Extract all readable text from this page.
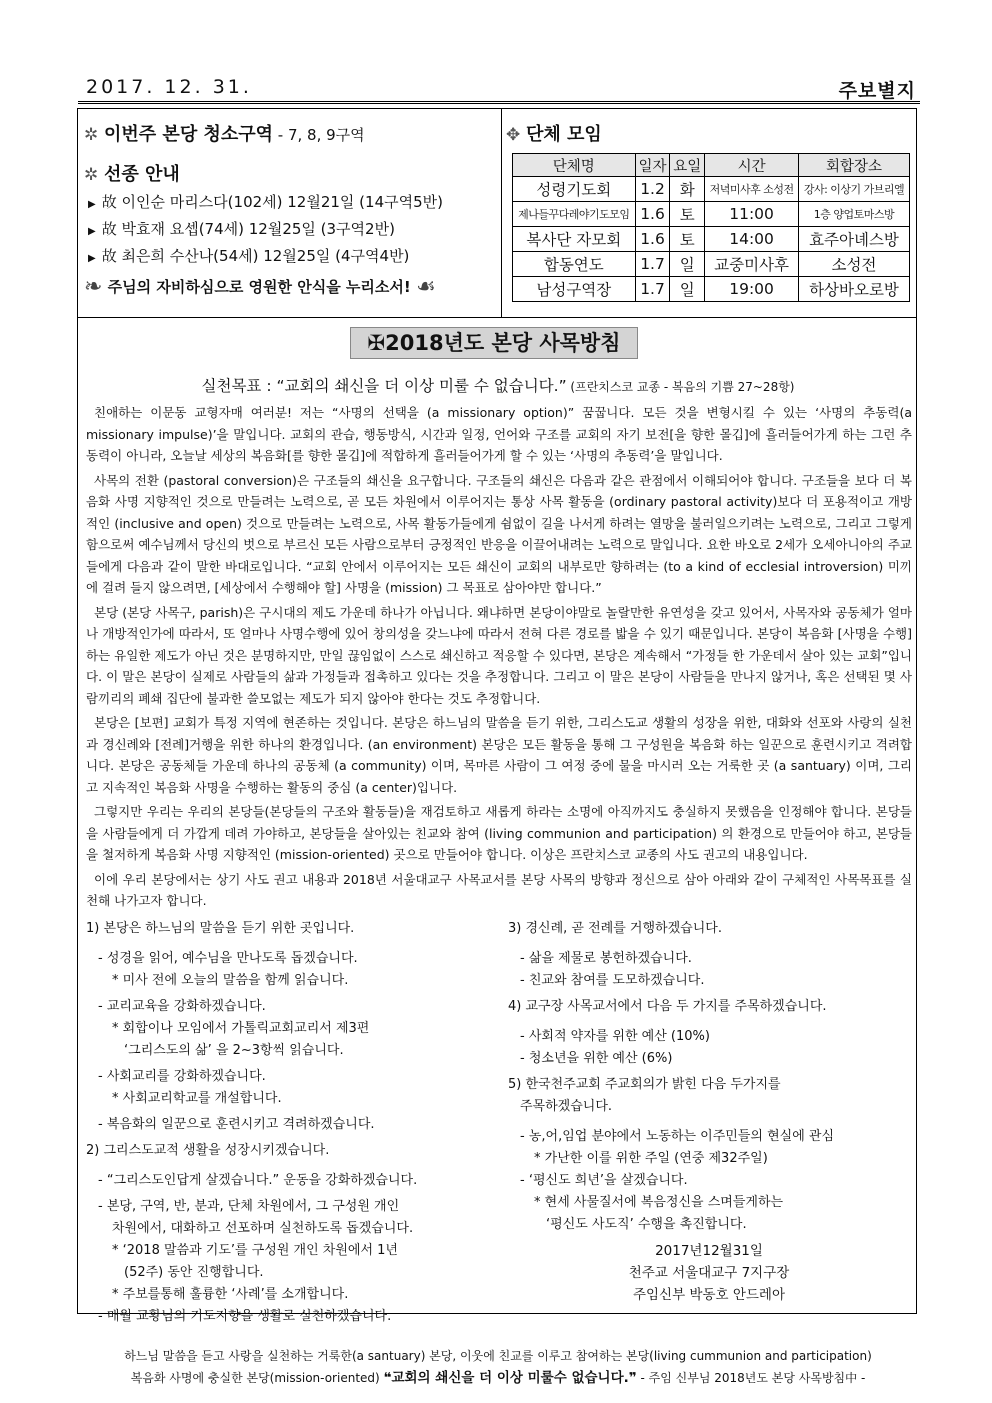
2017. 12. 31.	주보별지
✲ 이번주 본당 청소구역 - 7, 8, 9구역
✲ 선종 안내
▶ 故 이인순 마리스다(102세) 12월21일 (14구역5반)
▶ 故 박효재 요셉(74세) 12월25일 (3구역2반)
▶ 故 최은희 수산나(54세) 12월25일 (4구역4반)
❧ 주님의 자비하심으로 영원한 안식을 누리소서! ☙
✥ 단체 모임
단체명	일자	요일	시간	회합장소
성령기도회	1.2	화	저녁미사후 소성전	강사: 이상기 가브리엘
제나들꾸다레야기도모임	1.6	토	11:00	1층 양업토마스방
복사단 자모회	1.6	토	14:00	효주아녜스방
합동연도	1.7	일	교중미사후	소성전
남성구역장	1.7	일	19:00	하상바오로방
✠2018년도 본당 사목방침
실천목표 : “교회의 쇄신을 더 이상 미룰 수 없습니다.” (프란치스코 교종 - 복음의 기쁨 27~28항)

친애하는 이문동 교형자매 여러분! 저는 “사명의 선택을 (a missionary option)” 꿈꿉니다. 모든 것을 변형시킬 수 있는 ‘사명의 추동력(a missionary impulse)’을 말입니다. 교회의 관습, 행동방식, 시간과 일정, 언어와 구조를 교회의 자기 보전[을 향한 몰깁]에 흘러들어가게 하는 그런 추동력이 아니라, 오늘날 세상의 복음화[를 향한 몰깁]에 적합하게 흘러들어가게 할 수 있는 ‘사명의 추동력’을 말입니다.

사목의 전환 (pastoral conversion)은 구조들의 쇄신을 요구합니다. 구조들의 쇄신은 다음과 같은 관점에서 이해되어야 합니다. 구조들을 보다 더 복음화 사명 지향적인 것으로 만들려는 노력으로, 곧 모든 차원에서 이루어지는 통상 사목 활동을 (ordinary pastoral activity)보다 더 포용적이고 개방적인 (inclusive and open) 것으로 만들려는 노력으로, 사목 활동가들에게 쉼없이 길을 나서게 하려는 열망을 불러일으키려는 노력으로, 그리고 그렇게 함으로써 예수님께서 당신의 벗으로 부르신 모든 사람으로부터 긍정적인 반응을 이끌어내려는 노력으로 말입니다. 요한 바오로 2세가 오세아니아의 주교들에게 다음과 같이 말한 바대로입니다. “교회 안에서 이루어지는 모든 쇄신이 교회의 내부로만 향하려는 (to a kind of ecclesial introversion) 미끼에 걸려 들지 않으려면, [세상에서 수행해야 할] 사명을 (mission) 그 목표로 삼아야만 합니다.”

본당 (본당 사목구, parish)은 구시대의 제도 가운데 하나가 아닙니다. 왜냐하면 본당이야말로 놀랄만한 유연성을 갖고 있어서, 사목자와 공동체가 얼마나 개방적인가에 따라서, 또 얼마나 사명수행에 있어 창의성을 갖느냐에 따라서 전혀 다른 경로를 밟을 수 있기 때문입니다. 본당이 복음화 [사명을 수행]하는 유일한 제도가 아닌 것은 분명하지만, 만일 끊임없이 스스로 쇄신하고 적응할 수 있다면, 본당은 계속해서 “가정들 한 가운데서 살아 있는 교회”입니다. 이 말은 본당이 실제로 사람들의 삶과 가정들과 접촉하고 있다는 것을 추정합니다. 그리고 이 말은 본당이 사람들을 만나지 않거나, 혹은 선택된 몇 사람끼리의 폐쇄 집단에 불과한 쓸모없는 제도가 되지 않아야 한다는 것도 추정합니다.

본당은 [보편] 교회가 특정 지역에 현존하는 것입니다. 본당은 하느님의 말씀을 듣기 위한, 그리스도교 생활의 성장을 위한, 대화와 선포와 사랑의 실천과 경신례와 [전례]거행을 위한 하나의 환경입니다. (an environment) 본당은 모든 활동을 통해 그 구성원을 복음화 하는 일꾼으로 훈련시키고 격려합니다. 본당은 공동체들 가운데 하나의 공동체 (a community) 이며, 목마른 사람이 그 여정 중에 물을 마시러 오는 거룩한 곳 (a santuary) 이며, 그리고 지속적인 복음화 사명을 수행하는 활동의 중심 (a center)입니다.

그렇지만 우리는 우리의 본당들(본당들의 구조와 활동들)을 재검토하고 새롭게 하라는 소명에 아직까지도 충실하지 못했음을 인정해야 합니다. 본당들을 사람들에게 더 가깝게 데려 가야하고, 본당들을 살아있는 친교와 참여 (living communion and participation) 의 환경으로 만들어야 하고, 본당들을 철저하게 복음화 사명 지향적인 (mission-oriented) 곳으로 만들어야 합니다. 이상은 프란치스코 교종의 사도 권고의 내용입니다.

이에 우리 본당에서는 상기 사도 권고 내용과 2018년 서울대교구 사목교서를 본당 사목의 방향과 정신으로 삼아 아래와 같이 구체적인 사목목표를 실천해 나가고자 합니다.

1) 본당은 하느님의 말씀을 듣기 위한 곳입니다.
- 성경을 읽어, 예수님을 만나도록 돕겠습니다.
* 미사 전에 오늘의 말씀을 함께 읽습니다.
- 교리교육을 강화하겠습니다.
* 회합이나 모임에서 가톨릭교회교리서 제3편
‘그리스도의 삶’ 을 2~3항씩 읽습니다.
- 사회교리를 강화하겠습니다.
* 사회교리학교를 개설합니다.
- 복음화의 일꾼으로 훈련시키고 격려하겠습니다.
2) 그리스도교적 생활을 성장시키겠습니다.
- “그리스도인답게 살겠습니다.” 운동을 강화하겠습니다.
- 본당, 구역, 반, 분과, 단체 차원에서, 그 구성원 개인
차원에서, 대화하고 선포하며 실천하도록 돕겠습니다.
* ‘2018 말씀과 기도’를 구성원 개인 차원에서 1년
(52주) 동안 진행합니다.
* 주보를통해 훌륭한 ‘사례’를 소개합니다.
- 매월 교황님의 기도지향을 생활로 실천하겠습니다.
3) 경신례, 곧 전례를 거행하겠습니다.
- 삶을 제물로 봉헌하겠습니다.
- 친교와 참여를 도모하겠습니다.
4) 교구장 사목교서에서 다음 두 가지를 주목하겠습니다.
- 사회적 약자를 위한 예산 (10%)
- 청소년을 위한 예산 (6%)
5) 한국천주교회 주교회의가 밝힌 다음 두가지를
주목하겠습니다.
- 농,어,임업 분야에서 노동하는 이주민들의 현실에 관심
* 가난한 이를 위한 주일 (연중 제32주일)
- ‘평신도 희년’을 살겠습니다.
* 현세 사물질서에 복음정신을 스며들게하는
‘평신도 사도직’ 수행을 촉진합니다.
2017년12월31일
천주교 서울대교구 7지구장
주임신부 박동호 안드레아
하느님 말씀을 듣고 사랑을 실천하는 거룩한(a santuary) 본당, 이웃에 친교를 이루고 참여하는 본당(living cummunion and participation)
복음화 사명에 충실한 본당(mission-oriented) ❝교회의 쇄신을 더 이상 미룰수 없습니다.❞ - 주임 신부님 2018년도 본당 사목방침中 -
